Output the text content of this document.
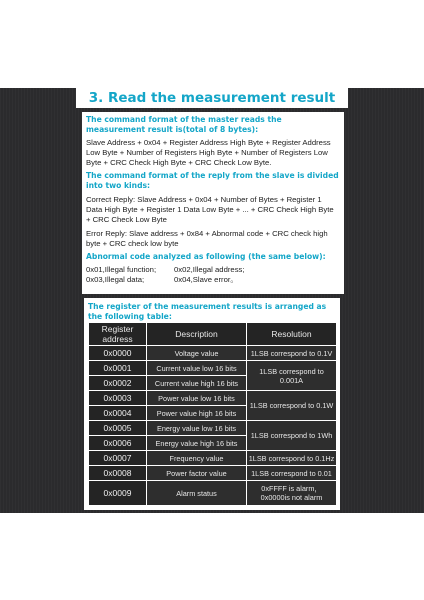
3. Read the measurement result

The command format of the master reads the measurement result is(total of 8 bytes):

Slave Address + 0x04 + Register Address High Byte + Register Address Low Byte + Number of Registers High Byte + Number of Registers Low Byte + CRC Check High Byte + CRC Check Low Byte.

The command format of the reply from the slave is divided into two kinds:

Correct Reply: Slave Address + 0x04 + Number of Bytes + Register 1 Data High Byte + Register 1 Data Low Byte + ... + CRC Check High Byte + CRC Check Low Byte

Error Reply: Slave address + 0x84 + Abnormal code + CRC check high byte + CRC check low byte

Abnormal code analyzed as following (the same below):

0x01,Illegal function;	0x02,Illegal address;
0x03,Illegal data;	0x04,Slave error。
The register of the measurement results is arranged as the following table:
Register address	Description	Resolution
0x0000	Voltage value	1LSB correspond to 0.1V
0x0001	Current value low 16 bits	1LSB correspond to 0.001A
0x0002	Current value high 16 bits	
0x0003	Power value low 16 bits	1LSB correspond to 0.1W
0x0004	Power value high 16 bits	
0x0005	Energy value low 16 bits	1LSB correspond to 1Wh
0x0006	Energy value high 16 bits	
0x0007	Frequency value	1LSB correspond to 0.1Hz
0x0008	Power factor value	1LSB correspond to 0.01
0x0009	Alarm status	0xFFFF is alarm， 0x0000is not alarm
